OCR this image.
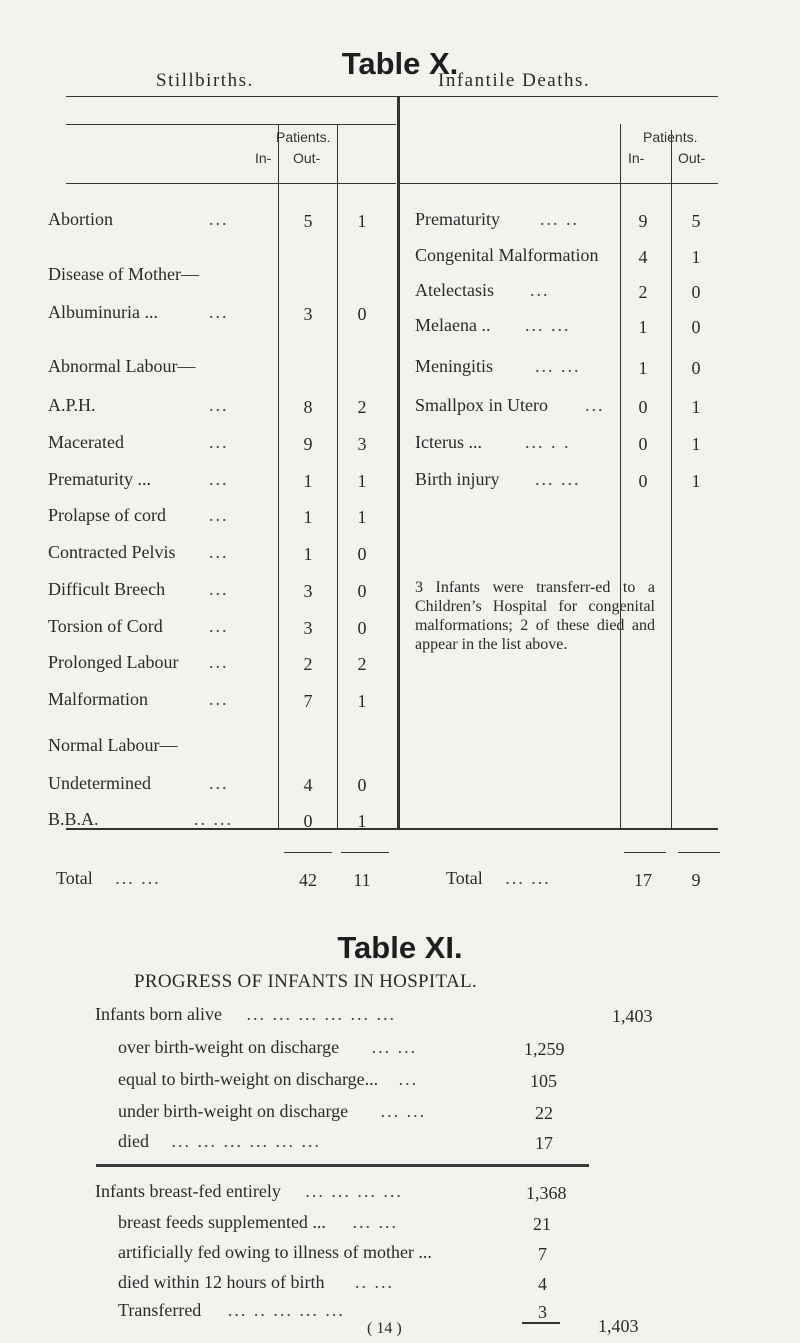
Table X.
Stillbirths.	Infantile Deaths.
Patients.
In- Out-
Patients.
In- Out-
Abortion	...	5	1
Disease of Mother—
Albuminuria ...	...	3	0
Abnormal Labour—
A.P.H.	...	8	2
Macerated	...	9	3
Prematurity ...	...	1	1
Prolapse of cord ...	1	1
Contracted Pelvis ...	1	0
Difficult Breech ...	3	0
Torsion of Cord	...	3	0
Prolonged Labour ...	2	2
Malformation	...	7	1
Normal Labour—
Undetermined	...	4	0
B.B.A.	.. ...	0	1
Prematurity ... ..	9	5
Congenital Malformation	4	1
Atelectasis ...	2	0
Melaena .. ... ...	1	0
Meningitis ... ...	1	0
Smallpox in Utero ...	0	1
Icterus ... ... . .	0	1
Birth injury ... ...	0	1
3 Infants were transferr-ed to a Children’s Hospital for congenital malformations; 2 of these died and appear in the list above.
Total ... ...	42	11	Total ... ...	17	9
Table XI.
PROGRESS OF INFANTS IN HOSPITAL.
Infants born alive ... ... ... ... ... ...	1,403
over birth-weight on discharge ... ...	1,259
equal to birth-weight on discharge... ...	105
under birth-weight on discharge ... ...	22
died ... ... ... ... ... ...	17
Infants breast-fed entirely ... ... ... ...	1,368
breast feeds supplemented ... ... ...	21
artificially fed owing to illness of mother ...	7
died within 12 hours of birth .. ...	4
Transferred ... .. ... ... ...	3
1,403
( 14 )
